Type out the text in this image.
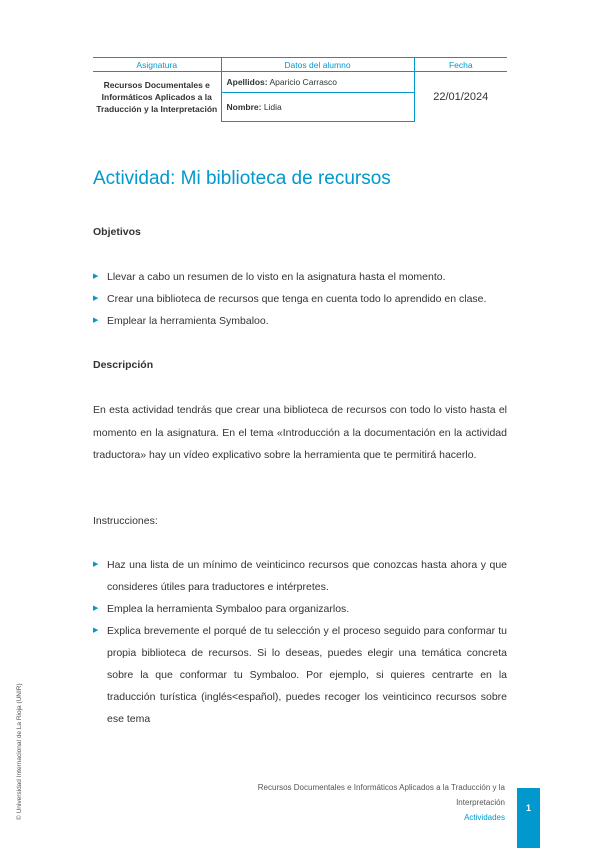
Asignatura	Datos del alumno	Fecha
Recursos Documentales e Informáticos Aplicados a la Traducción y la Interpretación	Apellidos: Aparicio Carrasco	22/01/2024
	Nombre: Lidia	
Actividad: Mi biblioteca de recursos
Objetivos
▶ Llevar a cabo un resumen de lo visto en la asignatura hasta el momento.
▶ Crear una biblioteca de recursos que tenga en cuenta todo lo aprendido en clase.
▶ Emplear la herramienta Symbaloo.
Descripción

En esta actividad tendrás que crear una biblioteca de recursos con todo lo visto hasta el momento en la asignatura. En el tema «Introducción a la documentación en la actividad traductora» hay un vídeo explicativo sobre la herramienta que te permitirá hacerlo.

Instrucciones:

▶ Haz una lista de un mínimo de veinticinco recursos que conozcas hasta ahora y que consideres útiles para traductores e intérpretes.
▶ Emplea la herramienta Symbaloo para organizarlos.
▶ Explica brevemente el porqué de tu selección y el proceso seguido para conformar tu propia biblioteca de recursos. Si lo deseas, puedes elegir una temática concreta sobre la que conformar tu Symbaloo. Por ejemplo, si quieres centrarte en la traducción turística (inglés<español), puedes recoger los veinticinco recursos sobre ese tema
Recursos Documentales e Informáticos Aplicados a la Traducción y la Interpretación
Actividades
1
© Universidad Internacional de La Rioja (UNIR)
